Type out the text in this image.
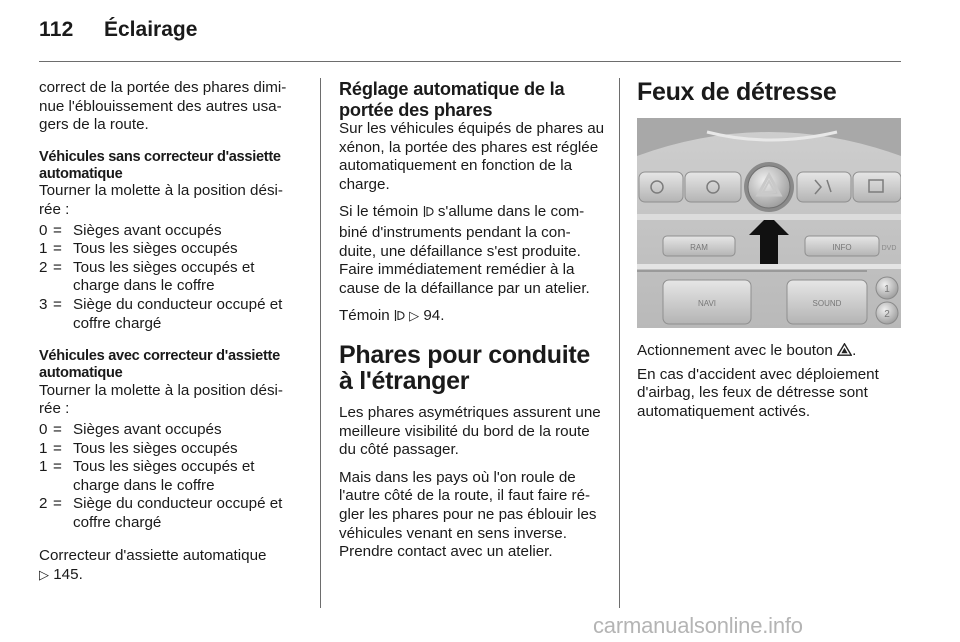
112 Éclairage

correct de la portée des phares dimi- nue l'éblouissement des autres usa- gers de la route.

Véhicules sans correcteur d'assiette automatique

Tourner la molette à la position dési- rée :

0 = Sièges avant occupés
1 = Tous les sièges occupés
2 = Tous les sièges occupés et charge dans le coffre
3 = Siège du conducteur occupé et coffre chargé
Véhicules avec correcteur d'assiette automatique

Tourner la molette à la position dési- rée :

0 = Sièges avant occupés
1 = Tous les sièges occupés
1 = Tous les sièges occupés et charge dans le coffre
2 = Siège du conducteur occupé et coffre chargé

Correcteur d'assiette automatique
▷ 145.

Réglage automatique de la portée des phares

Sur les véhicules équipés de phares au xénon, la portée des phares est réglée automatiquement en fonction de la charge.

Si le témoin s'allume dans le com- biné d'instruments pendant la con- duite, une défaillance s'est produite. Faire immédiatement remédier à la cause de la défaillance par un atelier.

Témoin ▷ 94.

Phares pour conduite
à l'étranger

Les phares asymétriques assurent une meilleure visibilité du bord de la route du côté passager.

Mais dans les pays où l'on roule de l'autre côté de la route, il faut faire ré- gler les phares pour ne pas éblouir les véhicules venant en sens inverse. Prendre contact avec un atelier.

Feux de détresse
RAM	INFO	DVD
NAVI	SOUND
1
2

Actionnement avec le bouton .

En cas d'accident avec déploiement d'airbag, les feux de détresse sont automatiquement activés.

carmanualsonline.info
